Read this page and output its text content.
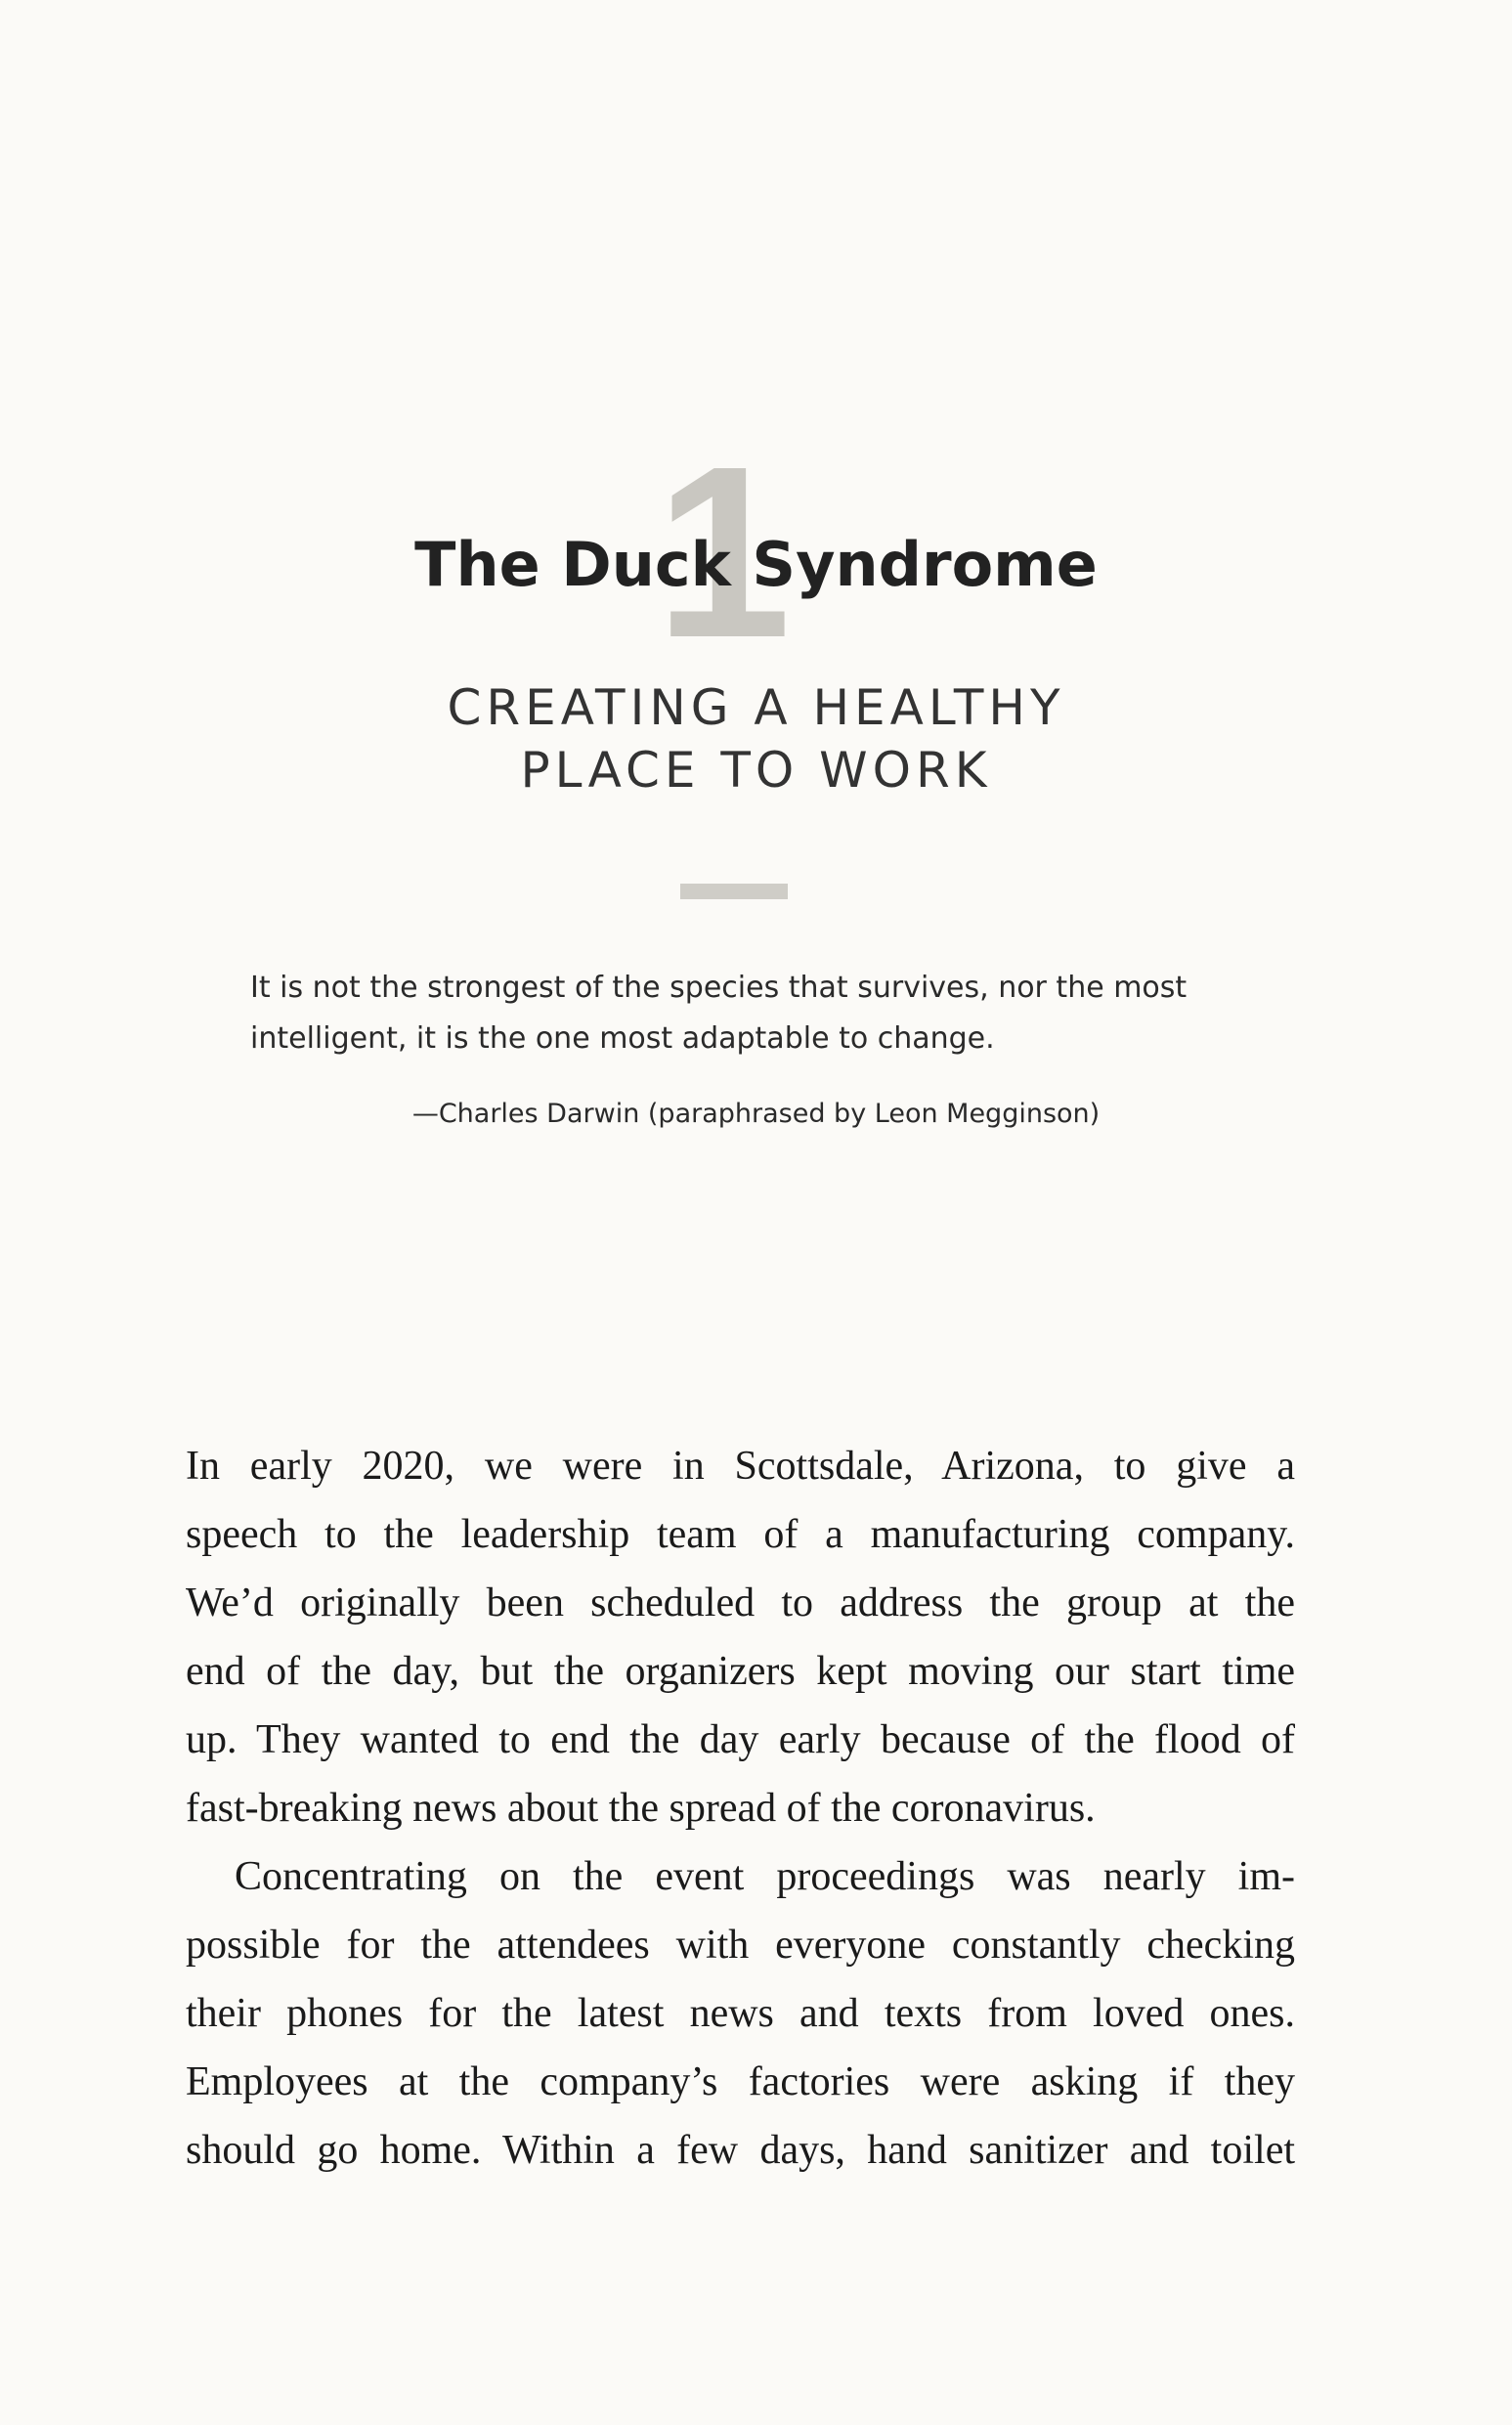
1
The Duck Syndrome
CREATING A HEALTHY
PLACE TO WORK
It is not the strongest of the species that survives, nor the most
intelligent, it is the one most adaptable to change.
—Charles Darwin (paraphrased by Leon Megginson)
In early 2020, we were in Scottsdale, Arizona, to give a
speech to the leadership team of a manufacturing company.
We’d originally been scheduled to address the group at the
end of the day, but the organizers kept moving our start time
up. They wanted to end the day early because of the flood of
fast-breaking news about the spread of the coronavirus.
Concentrating on the event proceedings was nearly im-
possible for the attendees with everyone constantly checking
their phones for the latest news and texts from loved ones.
Employees at the company’s factories were asking if they
should go home. Within a few days, hand sanitizer and toilet
